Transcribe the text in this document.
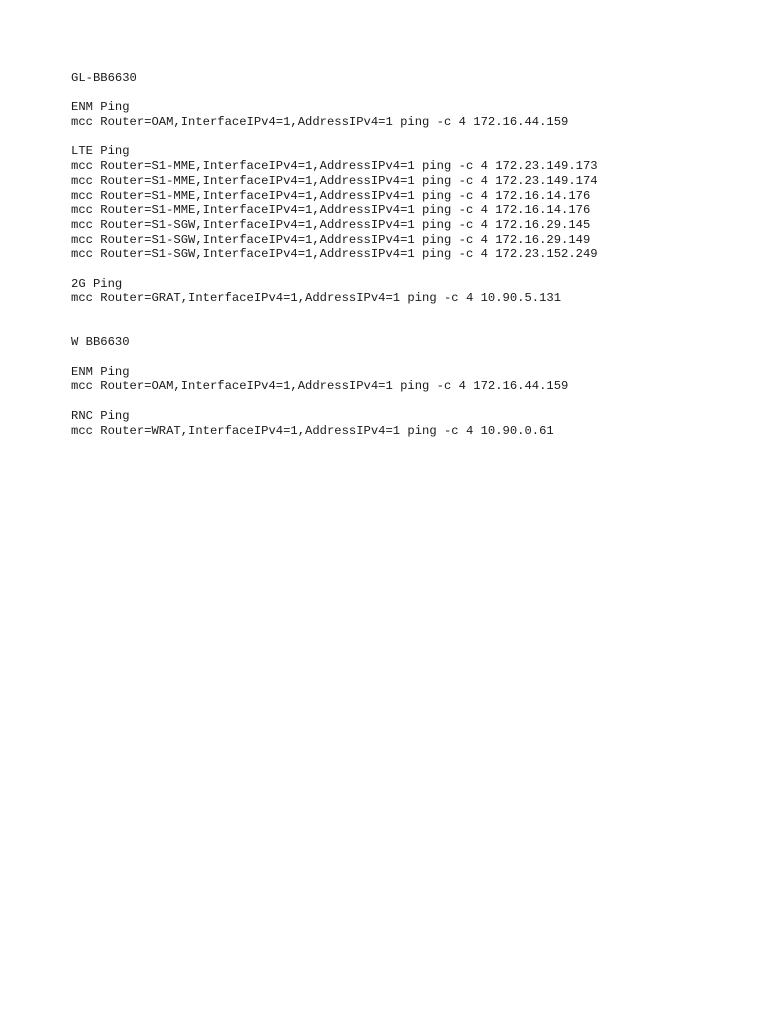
GL-BB6630
ENM Ping
mcc Router=OAM,InterfaceIPv4=1,AddressIPv4=1 ping -c 4 172.16.44.159
LTE Ping
mcc Router=S1-MME,InterfaceIPv4=1,AddressIPv4=1 ping -c 4 172.23.149.173
mcc Router=S1-MME,InterfaceIPv4=1,AddressIPv4=1 ping -c 4 172.23.149.174
mcc Router=S1-MME,InterfaceIPv4=1,AddressIPv4=1 ping -c 4 172.16.14.176
mcc Router=S1-MME,InterfaceIPv4=1,AddressIPv4=1 ping -c 4 172.16.14.176
mcc Router=S1-SGW,InterfaceIPv4=1,AddressIPv4=1 ping -c 4 172.16.29.145
mcc Router=S1-SGW,InterfaceIPv4=1,AddressIPv4=1 ping -c 4 172.16.29.149
mcc Router=S1-SGW,InterfaceIPv4=1,AddressIPv4=1 ping -c 4 172.23.152.249
2G Ping
mcc Router=GRAT,InterfaceIPv4=1,AddressIPv4=1 ping -c 4 10.90.5.131
W BB6630
ENM Ping
mcc Router=OAM,InterfaceIPv4=1,AddressIPv4=1 ping -c 4 172.16.44.159
RNC Ping
mcc Router=WRAT,InterfaceIPv4=1,AddressIPv4=1 ping -c 4 10.90.0.61
